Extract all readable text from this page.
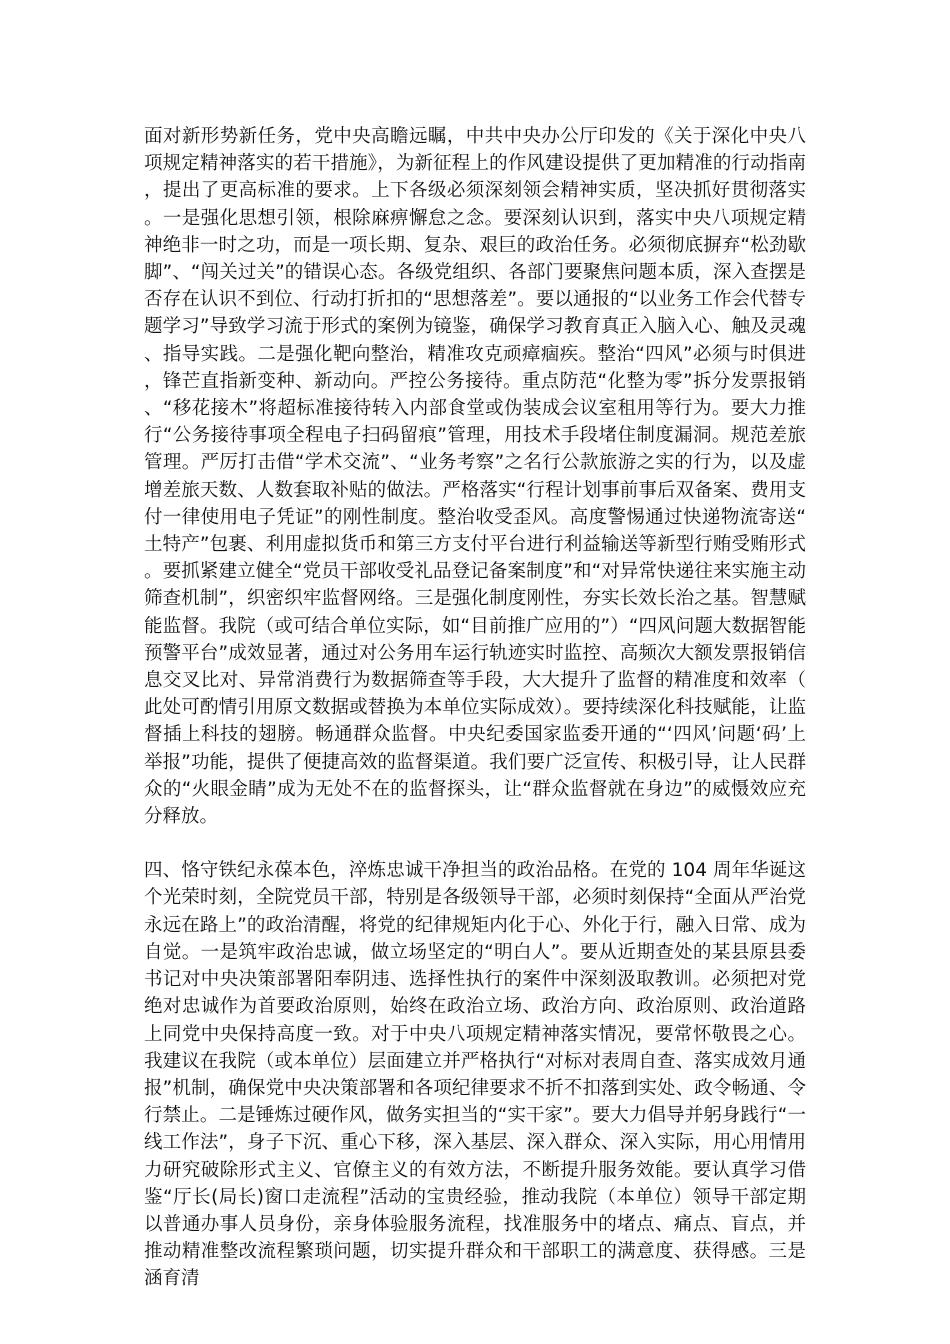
面对新形势新任务，党中央高瞻远瞩，中共中央办公厅印发的《关于深化中央八项规定精神落实的若干措施》，为新征程上的作风建设提供了更加精准的行动指南，提出了更高标准的要求。上下各级必须深刻领会精神实质，坚决抓好贯彻落实。一是强化思想引领，根除麻痹懈怠之念。要深刻认识到，落实中央八项规定精神绝非一时之功，而是一项长期、复杂、艰巨的政治任务。必须彻底摒弃“松劲歇脚”、“闯关过关”的错误心态。各级党组织、各部门要聚焦问题本质，深入查摆是否存在认识不到位、行动打折扣的“思想落差”。要以通报的“以业务工作会代替专题学习”导致学习流于形式的案例为镜鉴，确保学习教育真正入脑入心、触及灵魂、指导实践。二是强化靶向整治，精准攻克顽瘴痼疾。整治“四风”必须与时俱进，锋芒直指新变种、新动向。严控公务接待。重点防范“化整为零”拆分发票报销、“移花接木”将超标准接待转入内部食堂或伪装成会议室租用等行为。要大力推行“公务接待事项全程电子扫码留痕”管理，用技术手段堵住制度漏洞。规范差旅管理。严厉打击借“学术交流”、“业务考察”之名行公款旅游之实的行为，以及虚增差旅天数、人数套取补贴的做法。严格落实“行程计划事前事后双备案、费用支付一律使用电子凭证”的刚性制度。整治收受歪风。高度警惕通过快递物流寄送“土特产”包裹、利用虚拟货币和第三方支付平台进行利益输送等新型行贿受贿形式。要抓紧建立健全“党员干部收受礼品登记备案制度”和“对异常快递往来实施主动筛查机制”，织密织牢监督网络。三是强化制度刚性，夯实长效长治之基。智慧赋能监督。我院（或可结合单位实际，如“目前推广应用的”）“四风问题大数据智能预警平台”成效显著，通过对公务用车运行轨迹实时监控、高频次大额发票报销信息交叉比对、异常消费行为数据筛查等手段，大大提升了监督的精准度和效率（此处可酌情引用原文数据或替换为本单位实际成效）。要持续深化科技赋能，让监督插上科技的翅膀。畅通群众监督。中央纪委国家监委开通的“‘四风’问题‘码’上举报”功能，提供了便捷高效的监督渠道。我们要广泛宣传、积极引导，让人民群众的“火眼金睛”成为无处不在的监督探头，让“群众监督就在身边”的威慑效应充分释放。

四、恪守铁纪永葆本色，淬炼忠诚干净担当的政治品格。在党的 104 周年华诞这个光荣时刻，全院党员干部，特别是各级领导干部，必须时刻保持“全面从严治党永远在路上”的政治清醒，将党的纪律规矩内化于心、外化于行，融入日常、成为自觉。一是筑牢政治忠诚，做立场坚定的“明白人”。要从近期查处的某县原县委书记对中央决策部署阳奉阴违、选择性执行的案件中深刻汲取教训。必须把对党绝对忠诚作为首要政治原则，始终在政治立场、政治方向、政治原则、政治道路上同党中央保持高度一致。对于中央八项规定精神落实情况，要常怀敬畏之心。我建议在我院（或本单位）层面建立并严格执行“对标对表周自查、落实成效月通报”机制，确保党中央决策部署和各项纪律要求不折不扣落到实处、政令畅通、令行禁止。二是锤炼过硬作风，做务实担当的“实干家”。要大力倡导并躬身践行“一线工作法”，身子下沉、重心下移，深入基层、深入群众、深入实际，用心用情用力研究破除形式主义、官僚主义的有效方法，不断提升服务效能。要认真学习借鉴“厅长(局长)窗口走流程”活动的宝贵经验，推动我院（本单位）领导干部定期以普通办事人员身份，亲身体验服务流程，找准服务中的堵点、痛点、盲点，并推动精准整改流程繁琐问题，切实提升群众和干部职工的满意度、获得感。三是涵育清
